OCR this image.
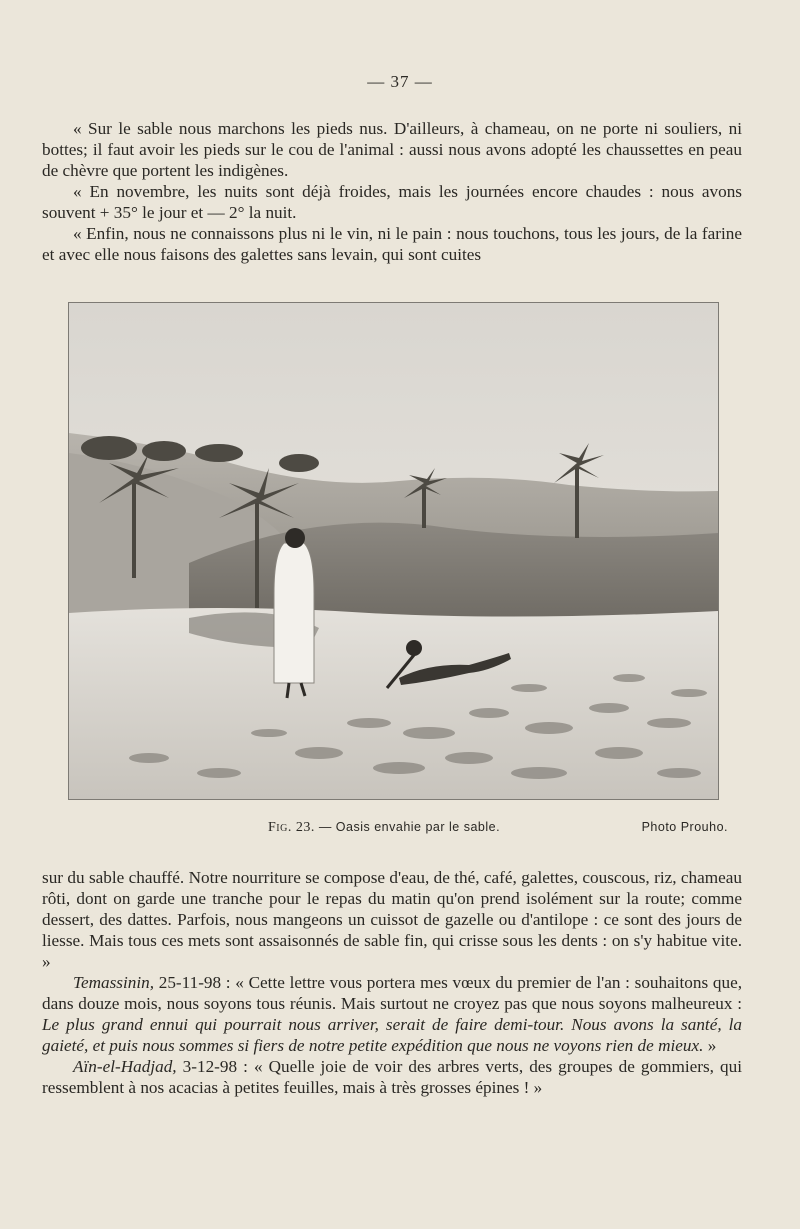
— 37 —

« Sur le sable nous marchons les pieds nus. D'ailleurs, à chameau, on ne porte ni souliers, ni bottes; il faut avoir les pieds sur le cou de l'animal : aussi nous avons adopté les chaussettes en peau de chèvre que portent les indigènes.

« En novembre, les nuits sont déjà froides, mais les journées encore chaudes : nous avons souvent + 35° le jour et — 2° la nuit.

« Enfin, nous ne connaissons plus ni le vin, ni le pain : nous touchons, tous les jours, de la farine et avec elle nous faisons des galettes sans levain, qui sont cuites

Fig. 23. — Oasis envahie par le sable.	Photo Prouho.

sur du sable chauffé. Notre nourriture se compose d'eau, de thé, café, galettes, couscous, riz, chameau rôti, dont on garde une tranche pour le repas du matin qu'on prend isolément sur la route; comme dessert, des dattes. Parfois, nous mangeons un cuissot de gazelle ou d'antilope : ce sont des jours de liesse. Mais tous ces mets sont assaisonnés de sable fin, qui crisse sous les dents : on s'y habitue vite. »

Temassinin, 25-11-98 : « Cette lettre vous portera mes vœux du premier de l'an : souhaitons que, dans douze mois, nous soyons tous réunis. Mais surtout ne croyez pas que nous soyons malheureux : Le plus grand ennui qui pourrait nous arriver, serait de faire demi-tour. Nous avons la santé, la gaieté, et puis nous sommes si fiers de notre petite expédition que nous ne voyons rien de mieux. »

Aïn-el-Hadjad, 3-12-98 : « Quelle joie de voir des arbres verts, des groupes de gommiers, qui ressemblent à nos acacias à petites feuilles, mais à très grosses épines ! »
